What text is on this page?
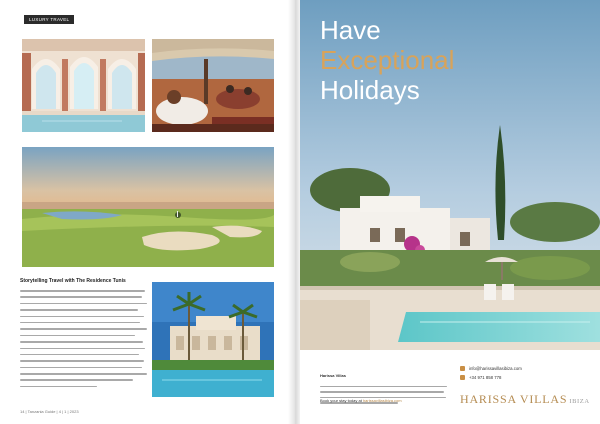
LUXURY TRAVEL
Storytelling Travel with The Residence Tunis
14 | Tanzania Guide | 4 | 1 | 2023
Have
Exceptional
Holidays
Harissa Villas
Book your stay today at harissavillasibiza.com
info@harissavillasibiza.com
+34 971 858 778
HARISSA VILLAS IBIZA
